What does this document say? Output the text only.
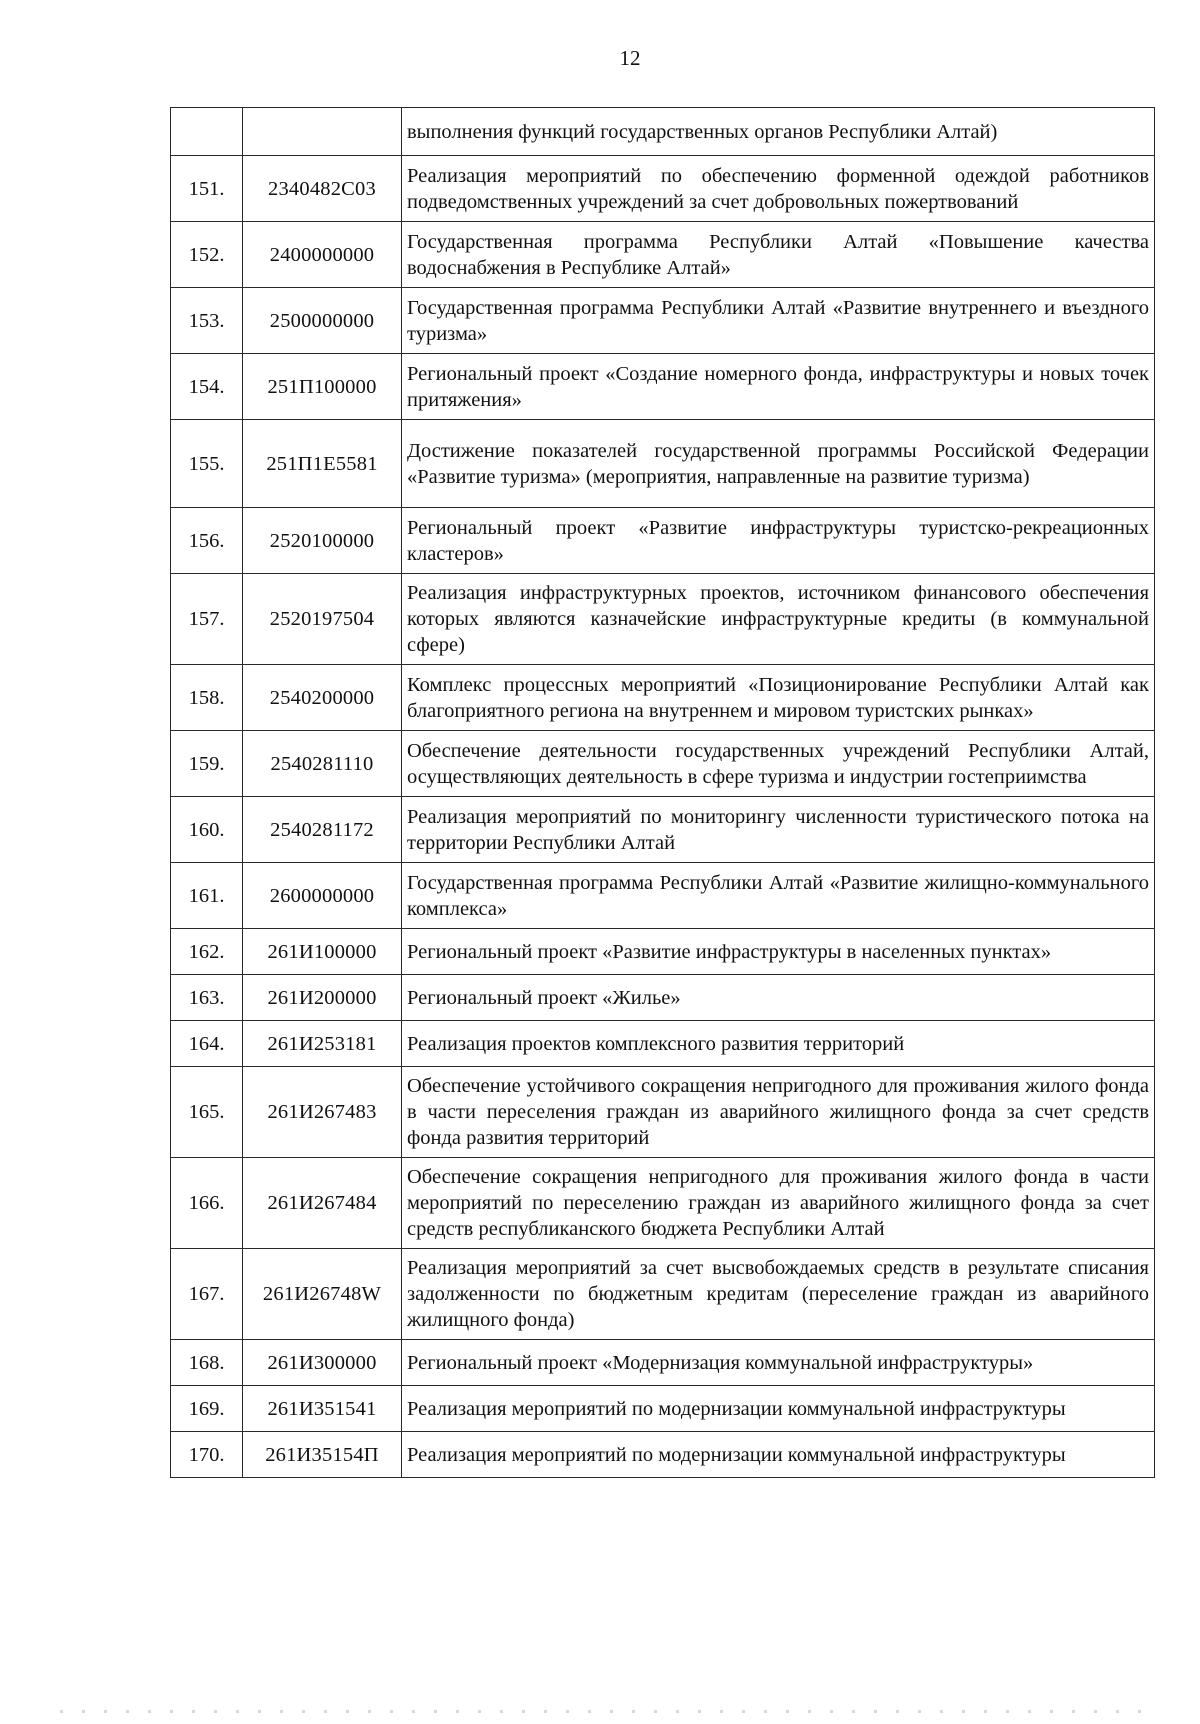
12
		выполнения функций государственных органов Республики Алтай)
151.	2340482С03	Реализация мероприятий по обеспечению форменной одеждой работников подведомственных учреждений за счет добровольных пожертвований
152.	2400000000	Государственная программа Республики Алтай «Повышение качества водоснабжения в Республике Алтай»
153.	2500000000	Государственная программа Республики Алтай «Развитие внутреннего и въездного туризма»
154.	251П100000	Региональный проект «Создание номерного фонда, инфраструктуры и новых точек притяжения»
155.	251П1Е5581	Достижение показателей государственной программы Российской Федерации «Развитие туризма» (мероприятия, направленные на развитие туризма)
156.	2520100000	Региональный проект «Развитие инфраструктуры туристско-рекреационных кластеров»
157.	2520197504	Реализация инфраструктурных проектов, источником финансового обеспечения которых являются казначейские инфраструктурные кредиты (в коммунальной сфере)
158.	2540200000	Комплекс процессных мероприятий «Позиционирование Республики Алтай как благоприятного региона на внутреннем и мировом туристских рынках»
159.	2540281110	Обеспечение деятельности государственных учреждений Республики Алтай, осуществляющих деятельность в сфере туризма и индустрии гостеприимства
160.	2540281172	Реализация мероприятий по мониторингу численности туристического потока на территории Республики Алтай
161.	2600000000	Государственная программа Республики Алтай «Развитие жилищно-коммунального комплекса»
162.	261И100000	Региональный проект «Развитие инфраструктуры в населенных пунктах»
163.	261И200000	Региональный проект «Жилье»
164.	261И253181	Реализация проектов комплексного развития территорий
165.	261И267483	Обеспечение устойчивого сокращения непригодного для проживания жилого фонда в части переселения граждан из аварийного жилищного фонда за счет средств фонда развития территорий
166.	261И267484	Обеспечение сокращения непригодного для проживания жилого фонда в части мероприятий по переселению граждан из аварийного жилищного фонда за счет средств республиканского бюджета Республики Алтай
167.	261И26748W	Реализация мероприятий за счет высвобождаемых средств в результате списания задолженности по бюджетным кредитам (переселение граждан из аварийного жилищного фонда)
168.	261И300000	Региональный проект «Модернизация коммунальной инфраструктуры»
169.	261И351541	Реализация мероприятий по модернизации коммунальной инфраструктуры
170.	261И35154П	Реализация мероприятий по модернизации коммунальной инфраструктуры
